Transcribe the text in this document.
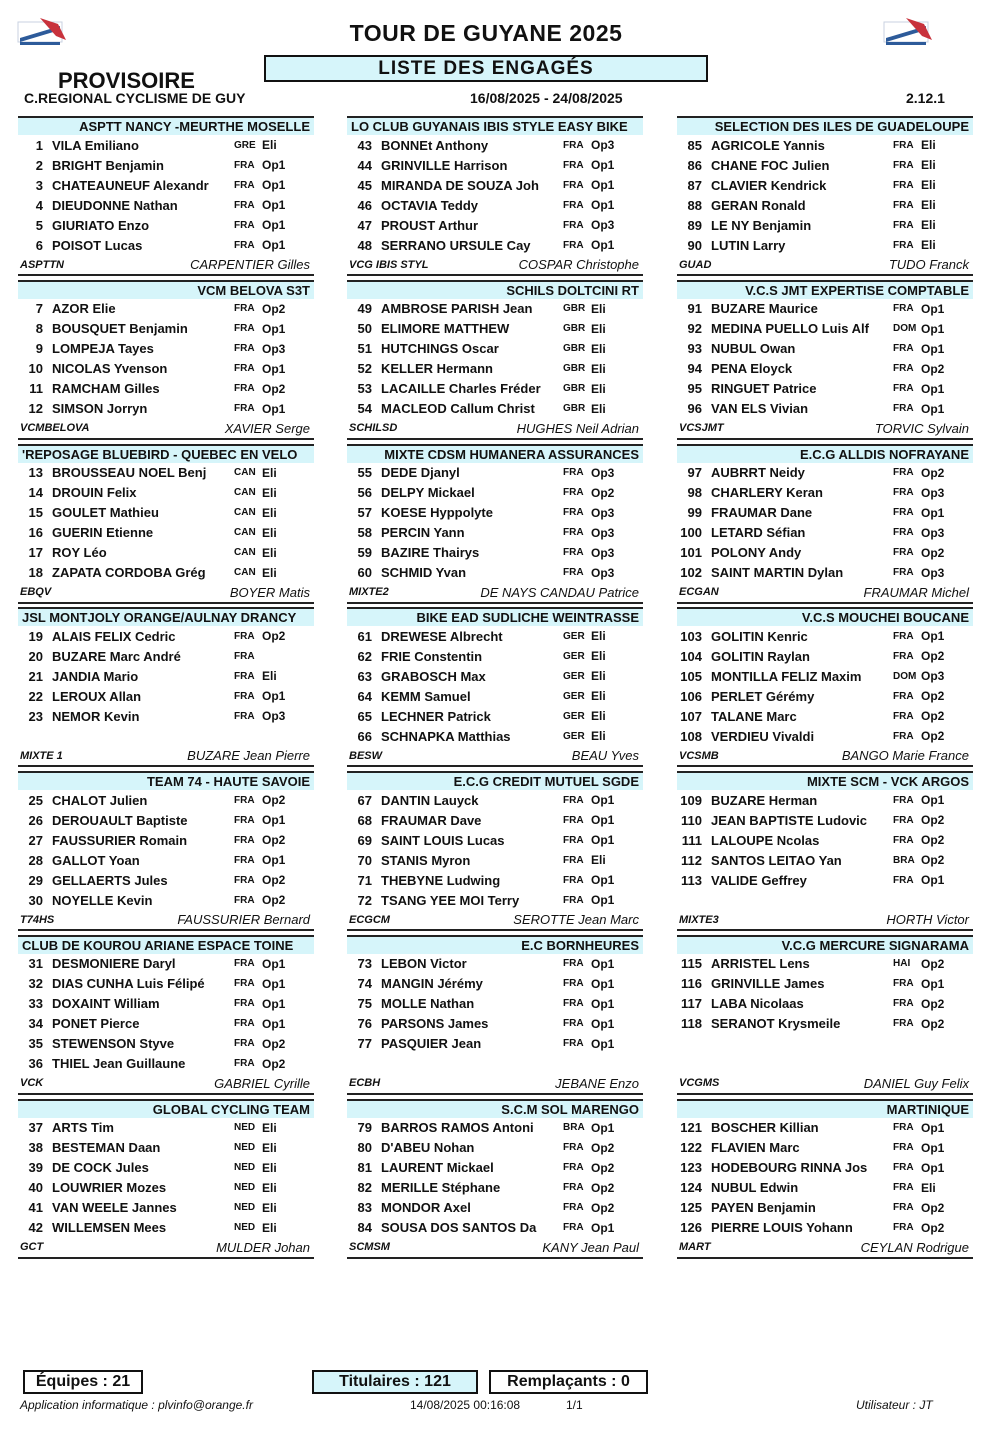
TOUR DE GUYANE 2025
LISTE DES ENGAGÉS
PROVISOIRE
C.REGIONAL CYCLISME DE GUY	16/08/2025 - 24/08/2025	2.12.1
ASPTT NANCY -MEURTHE MOSELLE
1 VILA Emiliano	GRE Eli
2 BRIGHT Benjamin	FRA Op1
3 CHATEAUNEUF Alexandr	FRA Op1
4 DIEUDONNE Nathan	FRA Op1
5 GIURIATO Enzo	FRA Op1
6 POISOT Lucas	FRA Op1
ASPTTN	CARPENTIER Gilles
VCM BELOVA S3T
7 AZOR Elie	FRA Op2
8 BOUSQUET Benjamin	FRA Op1
9 LOMPEJA Tayes	FRA Op3
10 NICOLAS Yvenson	FRA Op1
11 RAMCHAM Gilles	FRA Op2
12 SIMSON Jorryn	FRA Op1
VCMBELOVA	XAVIER Serge
'REPOSAGE BLUEBIRD - QUEBEC EN VELO
13 BROUSSEAU NOEL Benj	CAN Eli
14 DROUIN Felix	CAN Eli
15 GOULET Mathieu	CAN Eli
16 GUERIN Etienne	CAN Eli
17 ROY Léo	CAN Eli
18 ZAPATA CORDOBA Grég	CAN Eli
EBQV	BOYER Matis
JSL MONTJOLY ORANGE/AULNAY DRANCY
19 ALAIS FELIX Cedric	FRA Op2
20 BUZARE Marc André	FRA
21 JANDIA Mario	FRA Eli
22 LEROUX Allan	FRA Op1
23 NEMOR Kevin	FRA Op3
MIXTE 1	BUZARE Jean Pierre
TEAM 74 - HAUTE SAVOIE
25 CHALOT Julien	FRA Op2
26 DEROUAULT Baptiste	FRA Op1
27 FAUSSURIER Romain	FRA Op2
28 GALLOT Yoan	FRA Op1
29 GELLAERTS Jules	FRA Op2
30 NOYELLE Kevin	FRA Op2
T74HS	FAUSSURIER Bernard
CLUB DE KOUROU ARIANE ESPACE TOINE
31 DESMONIERE Daryl	FRA Op1
32 DIAS CUNHA Luis Félipé	FRA Op1
33 DOXAINT William	FRA Op1
34 PONET Pierce	FRA Op1
35 STEWENSON Styve	FRA Op2
36 THIEL Jean Guillaune	FRA Op2
VCK	GABRIEL Cyrille
GLOBAL CYCLING TEAM
37 ARTS Tim	NED Eli
38 BESTEMAN Daan	NED Eli
39 DE COCK Jules	NED Eli
40 LOUWRIER Mozes	NED Eli
41 VAN WEELE Jannes	NED Eli
42 WILLEMSEN Mees	NED Eli
GCT	MULDER Johan
LO CLUB GUYANAIS IBIS STYLE EASY BIKE
43 BONNEt Anthony	FRA Op3
44 GRINVILLE Harrison	FRA Op1
45 MIRANDA DE SOUZA Joh	FRA Op1
46 OCTAVIA Teddy	FRA Op1
47 PROUST Arthur	FRA Op3
48 SERRANO URSULE Cay	FRA Op1
VCG IBIS STYL	COSPAR Christophe
SCHILS DOLTCINI RT
49 AMBROSE PARISH Jean	GBR Eli
50 ELIMORE MATTHEW	GBR Eli
51 HUTCHINGS Oscar	GBR Eli
52 KELLER Hermann	GBR Eli
53 LACAILLE Charles Fréder	GBR Eli
54 MACLEOD Callum Christ	GBR Eli
SCHILSD	HUGHES Neil Adrian
MIXTE CDSM HUMANERA ASSURANCES
55 DEDE Djanyl	FRA Op3
56 DELPY Mickael	FRA Op2
57 KOESE Hyppolyte	FRA Op3
58 PERCIN Yann	FRA Op3
59 BAZIRE Thairys	FRA Op3
60 SCHMID Yvan	FRA Op3
MIXTE2	DE NAYS CANDAU Patrice
BIKE EAD SUDLICHE WEINTRASSE
61 DREWESE Albrecht	GER Eli
62 FRIE Constentin	GER Eli
63 GRABOSCH Max	GER Eli
64 KEMM Samuel	GER Eli
65 LECHNER Patrick	GER Eli
66 SCHNAPKA Matthias	GER Eli
BESW	BEAU Yves
E.C.G CREDIT MUTUEL SGDE
67 DANTIN Lauyck	FRA Op1
68 FRAUMAR Dave	FRA Op1
69 SAINT LOUIS Lucas	FRA Op1
70 STANIS Myron	FRA Eli
71 THEBYNE Ludwing	FRA Op1
72 TSANG YEE MOI Terry	FRA Op1
ECGCM	SEROTTE Jean Marc
E.C BORNHEURES
73 LEBON Victor	FRA Op1
74 MANGIN Jérémy	FRA Op1
75 MOLLE Nathan	FRA Op1
76 PARSONS James	FRA Op1
77 PASQUIER Jean	FRA Op1
ECBH	JEBANE Enzo
S.C.M SOL MARENGO
79 BARROS RAMOS Antoni	BRA Op1
80 D'ABEU Nohan	FRA Op2
81 LAURENT Mickael	FRA Op2
82 MERILLE Stéphane	FRA Op2
83 MONDOR Axel	FRA Op2
84 SOUSA DOS SANTOS Da	FRA Op1
SCMSM	KANY Jean Paul
SELECTION DES ILES DE GUADELOUPE
85 AGRICOLE Yannis	FRA Eli
86 CHANE FOC Julien	FRA Eli
87 CLAVIER Kendrick	FRA Eli
88 GERAN Ronald	FRA Eli
89 LE NY Benjamin	FRA Eli
90 LUTIN Larry	FRA Eli
GUAD	TUDO Franck
V.C.S JMT EXPERTISE COMPTABLE
91 BUZARE Maurice	FRA Op1
92 MEDINA PUELLO Luis Alf	DOM Op1
93 NUBUL Owan	FRA Op1
94 PENA Eloyck	FRA Op2
95 RINGUET Patrice	FRA Op1
96 VAN ELS Vivian	FRA Op1
VCSJMT	TORVIC Sylvain
E.C.G ALLDIS NOFRAYANE
97 AUBRRT Neidy	FRA Op2
98 CHARLERY Keran	FRA Op3
99 FRAUMAR Dane	FRA Op1
100 LETARD Séfian	FRA Op3
101 POLONY Andy	FRA Op2
102 SAINT MARTIN Dylan	FRA Op3
ECGAN	FRAUMAR Michel
V.C.S MOUCHEI BOUCANE
103 GOLITIN Kenric	FRA Op1
104 GOLITIN Raylan	FRA Op2
105 MONTILLA FELIZ Maxim	DOM Op3
106 PERLET Gérémy	FRA Op2
107 TALANE Marc	FRA Op2
108 VERDIEU Vivaldi	FRA Op2
VCSMB	BANGO Marie France
MIXTE SCM - VCK ARGOS
109 BUZARE Herman	FRA Op1
110 JEAN BAPTISTE Ludovic	FRA Op2
111 LALOUPE Ncolas	FRA Op2
112 SANTOS LEITAO Yan	BRA Op2
113 VALIDE Geffrey	FRA Op1
MIXTE3	HORTH Victor
V.C.G MERCURE SIGNARAMA
115 ARRISTEL Lens	HAI Op2
116 GRINVILLE James	FRA Op1
117 LABA Nicolaas	FRA Op2
118 SERANOT Krysmeile	FRA Op2
VCGMS	DANIEL Guy Felix
MARTINIQUE
121 BOSCHER Killian	FRA Op1
122 FLAVIEN Marc	FRA Op1
123 HODEBOURG RINNA Jos	FRA Op1
124 NUBUL Edwin	FRA Eli
125 PAYEN Benjamin	FRA Op2
126 PIERRE LOUIS Yohann	FRA Op2
MART	CEYLAN Rodrigue
Équipes : 21	Titulaires : 121	Remplaçants : 0
Application informatique : plvinfo@orange.fr	14/08/2025 00:16:08	1/1	Utilisateur : JT
